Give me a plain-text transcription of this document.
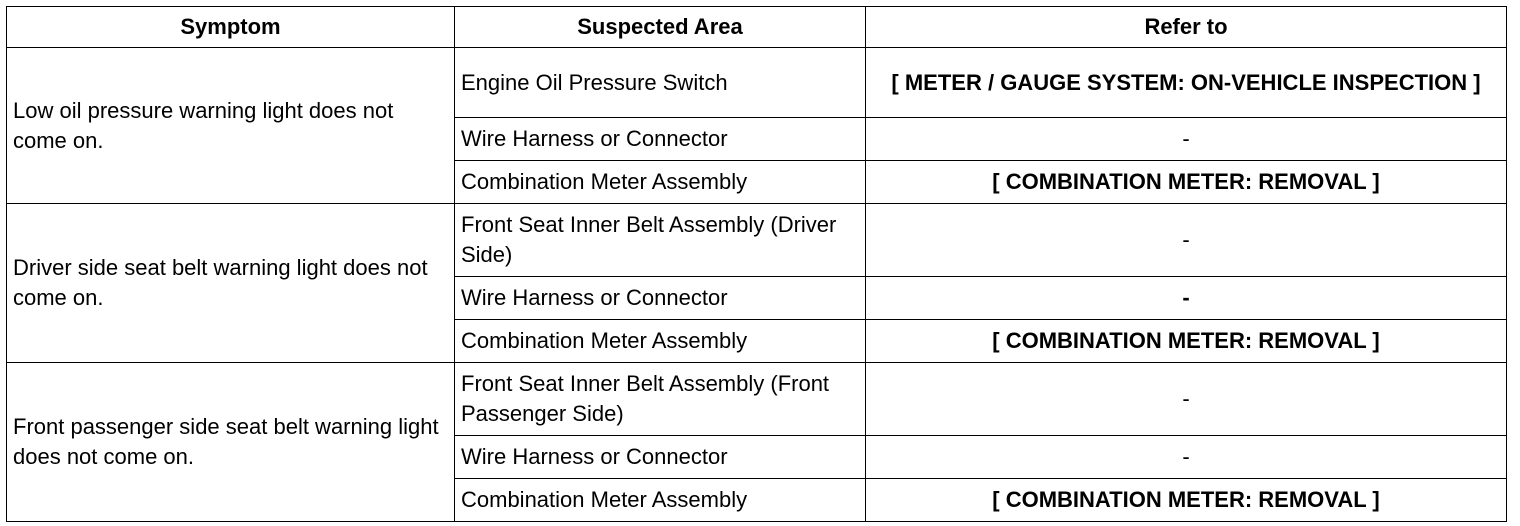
Symptom	Suspected Area	Refer to
Low oil pressure warning light does not come on.	Engine Oil Pressure Switch	[ METER / GAUGE SYSTEM: ON-VEHICLE INSPECTION ]
	Wire Harness or Connector	-
	Combination Meter Assembly	[ COMBINATION METER: REMOVAL ]
Driver side seat belt warning light does not come on.	Front Seat Inner Belt Assembly (Driver Side)	-
	Wire Harness or Connector	-
	Combination Meter Assembly	[ COMBINATION METER: REMOVAL ]
Front passenger side seat belt warning light does not come on.	Front Seat Inner Belt Assembly (Front Passenger Side)	-
	Wire Harness or Connector	-
	Combination Meter Assembly	[ COMBINATION METER: REMOVAL ]
